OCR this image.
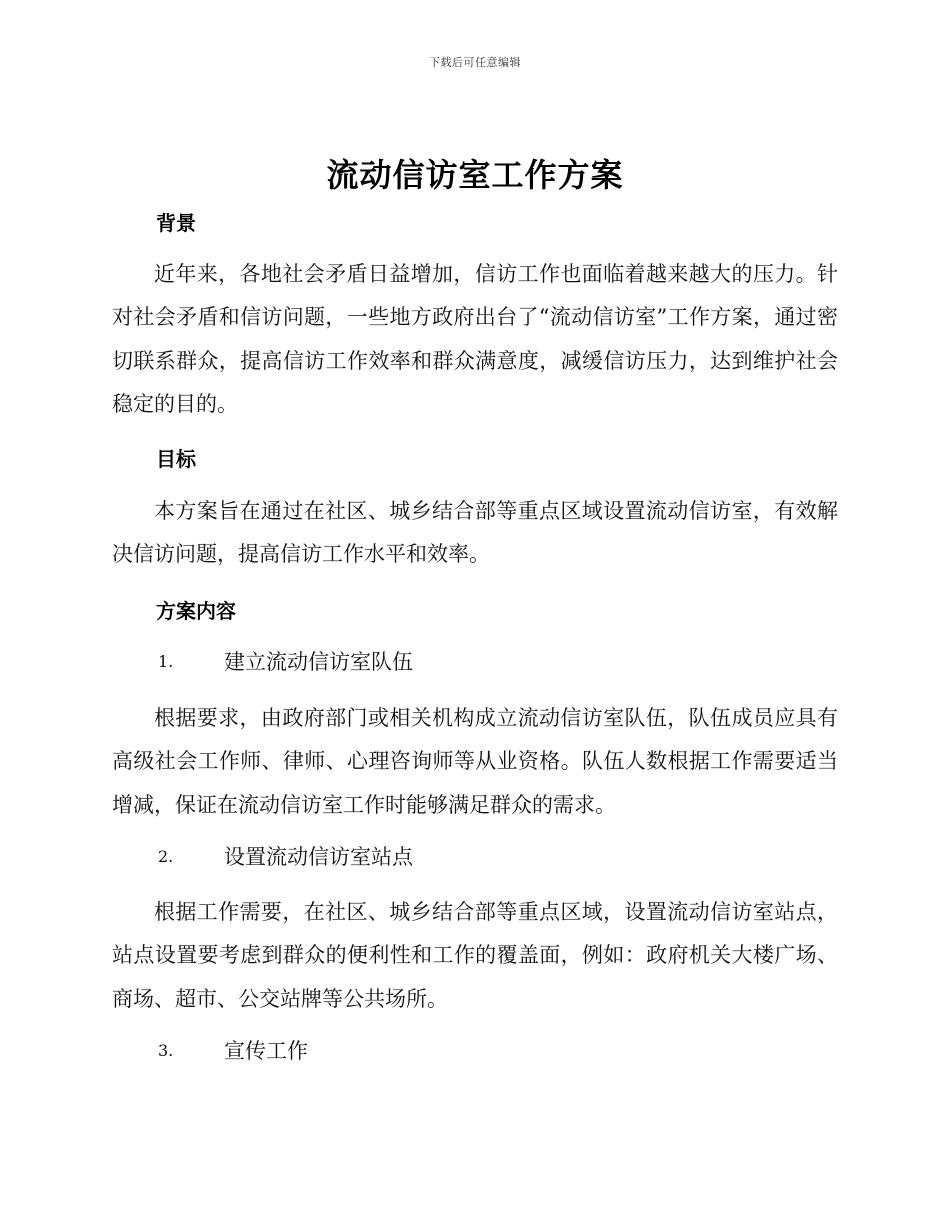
下载后可任意编辑
流动信访室工作方案
背景

近年来，各地社会矛盾日益增加，信访工作也面临着越来越大的压力。针对社会矛盾和信访问题，一些地方政府出台了“流动信访室”工作方案，通过密切联系群众，提高信访工作效率和群众满意度，减缓信访压力，达到维护社会稳定的目的。

目标

本方案旨在通过在社区、城乡结合部等重点区域设置流动信访室，有效解决信访问题，提高信访工作水平和效率。

方案内容
1.	建立流动信访室队伍

根据要求，由政府部门或相关机构成立流动信访室队伍，队伍成员应具有高级社会工作师、律师、心理咨询师等从业资格。队伍人数根据工作需要适当增减，保证在流动信访室工作时能够满足群众的需求。

2.	设置流动信访室站点

根据工作需要，在社区、城乡结合部等重点区域，设置流动信访室站点，站点设置要考虑到群众的便利性和工作的覆盖面，例如：政府机关大楼广场、商场、超市、公交站牌等公共场所。

3.	宣传工作
